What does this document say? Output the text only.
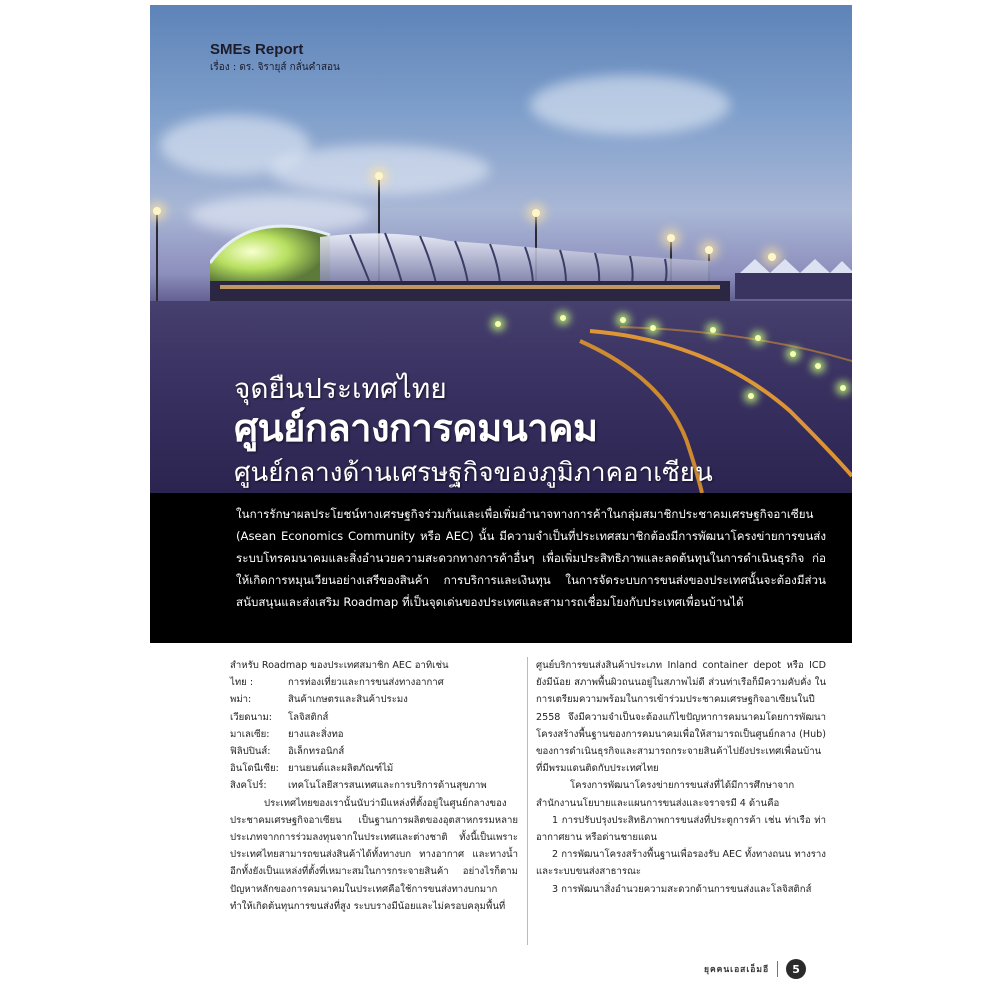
SMEs Report
เรื่อง : ดร. จิรายุส์ กลั่นคำสอน
จุดยืนประเทศไทย
ศูนย์กลางการคมนาคม
ศูนย์กลางด้านเศรษฐกิจของภูมิภาคอาเซียน

ในการรักษาผลประโยชน์ทางเศรษฐกิจร่วมกันและเพื่อเพิ่มอำนาจทางการค้าในกลุ่มสมาชิกประชาคมเศรษฐกิจอาเซียน (Asean Economics Community หรือ AEC) นั้น มีความจำเป็นที่ประเทศสมาชิกต้องมีการพัฒนาโครงข่ายการขนส่ง ระบบโทรคมนาคมและสิ่งอำนวยความสะดวกทางการค้าอื่นๆ เพื่อเพิ่มประสิทธิภาพและลดต้นทุนในการดำเนินธุรกิจ ก่อให้เกิดการหมุนเวียนอย่างเสรีของสินค้า การบริการและเงินทุน ในการจัดระบบการขนส่งของประเทศนั้นจะต้องมีส่วนสนับสนุนและส่งเสริม Roadmap ที่เป็นจุดเด่นของประเทศและสามารถเชื่อมโยงกับประเทศเพื่อนบ้านได้

สำหรับ Roadmap ของประเทศสมาชิก AEC อาทิเช่น

ไทย :	การท่องเที่ยวและการขนส่งทางอากาศ
พม่า:	สินค้าเกษตรและสินค้าประมง
เวียดนาม:	โลจิสติกส์
มาเลเซีย:	ยางและสิ่งทอ
ฟิลิปปินส์:	อิเล็กทรอนิกส์
อินโดนีเซีย: ยานยนต์และผลิตภัณฑ์ไม้
สิงคโปร์:	เทคโนโลยีสารสนเทศและการบริการด้านสุขภาพ

ประเทศไทยของเรานั้นนับว่ามีแหล่งที่ตั้งอยู่ในศูนย์กลางของประชาคมเศรษฐกิจอาเซียน เป็นฐานการผลิตของอุตสาหกรรมหลายประเภทจากการร่วมลงทุนจากในประเทศและต่างชาติ ทั้งนี้เป็นเพราะประเทศไทยสามารถขนส่งสินค้าได้ทั้งทางบก ทางอากาศ และทางน้ำ อีกทั้งยังเป็นแหล่งที่ตั้งที่เหมาะสมในการกระจายสินค้า อย่างไรก็ตาม ปัญหาหลักของการคมนาคมในประเทศคือใช้การขนส่งทางบกมากทำให้เกิดต้นทุนการขนส่งที่สูง ระบบรางมีน้อยและไม่ครอบคลุมพื้นที่

ศูนย์บริการขนส่งสินค้าประเภท Inland container depot หรือ ICD ยังมีน้อย สภาพพื้นผิวถนนอยู่ในสภาพไม่ดี ส่วนท่าเรือก็มีความคับคั่ง ในการเตรียมความพร้อมในการเข้าร่วมประชาคมเศรษฐกิจอาเซียนในปี 2558 จึงมีความจำเป็นจะต้องแก้ไขปัญหาการคมนาคมโดยการพัฒนาโครงสร้างพื้นฐานของการคมนาคมเพื่อให้สามารถเป็นศูนย์กลาง (Hub) ของการดำเนินธุรกิจและสามารถกระจายสินค้าไปยังประเทศเพื่อนบ้านที่มีพรมแดนติดกับประเทศไทย

โครงการพัฒนาโครงข่ายการขนส่งที่ได้มีการศึกษาจากสำนักงานนโยบายและแผนการขนส่งและจราจรมี 4 ด้านคือ

1 การปรับปรุงประสิทธิภาพการขนส่งที่ประตูการค้า เช่น ท่าเรือ ท่าอากาศยาน หรือด่านชายแดน

2 การพัฒนาโครงสร้างพื้นฐานเพื่อรองรับ AEC ทั้งทางถนน ทางราง และระบบขนส่งสาธารณะ

3 การพัฒนาสิ่งอำนวยความสะดวกด้านการขนส่งและโลจิสติกส์

ยุคคนเอสเอ็มอี	5
